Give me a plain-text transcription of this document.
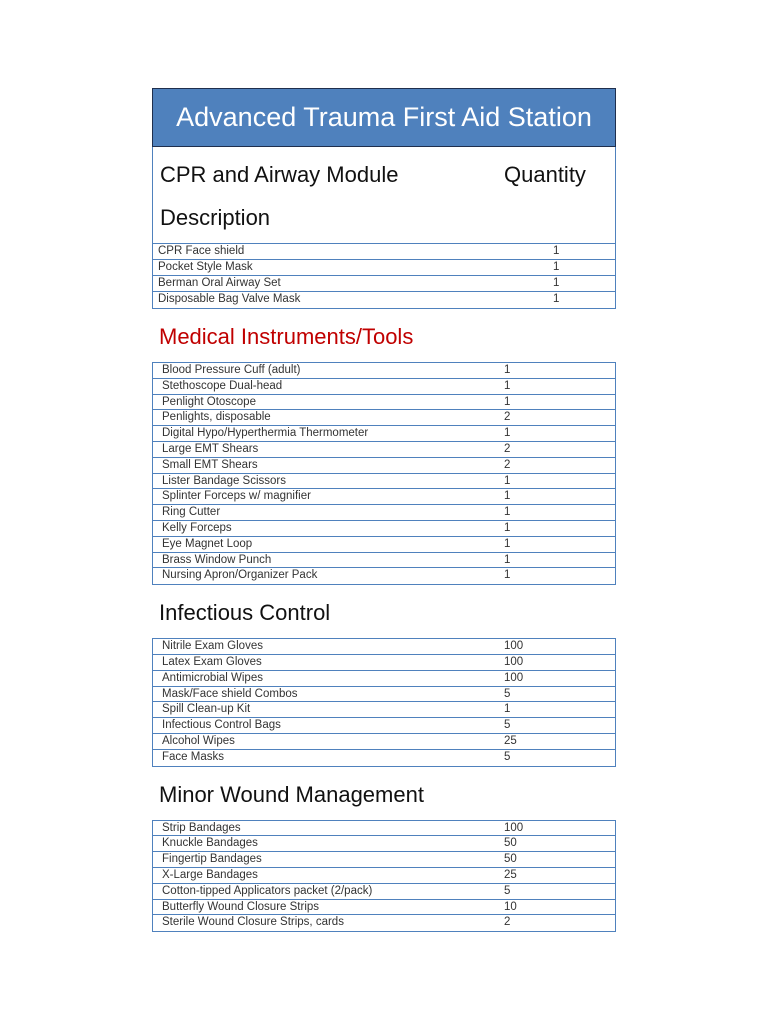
Advanced Trauma First Aid Station
CPR and Airway Module	Quantity
Description
CPR Face shield	1
Pocket Style Mask	1
Berman Oral Airway Set	1
Disposable Bag Valve Mask	1
Medical Instruments/Tools
Blood Pressure Cuff (adult)	1
Stethoscope Dual-head	1
Penlight Otoscope	1
Penlights, disposable	2
Digital Hypo/Hyperthermia Thermometer	1
Large EMT Shears	2
Small EMT Shears	2
Lister Bandage Scissors	1
Splinter Forceps w/ magnifier	1
Ring Cutter	1
Kelly Forceps	1
Eye Magnet Loop	1
Brass Window Punch	1
Nursing Apron/Organizer Pack	1
Infectious Control
Nitrile Exam Gloves	100
Latex Exam Gloves	100
Antimicrobial Wipes	100
Mask/Face shield Combos	5
Spill Clean-up Kit	1
Infectious Control Bags	5
Alcohol Wipes	25
Face Masks	5
Minor Wound Management
Strip Bandages	100
Knuckle Bandages	50
Fingertip Bandages	50
X-Large Bandages	25
Cotton-tipped Applicators packet (2/pack)	5
Butterfly Wound Closure Strips	10
Sterile Wound Closure Strips, cards	2
